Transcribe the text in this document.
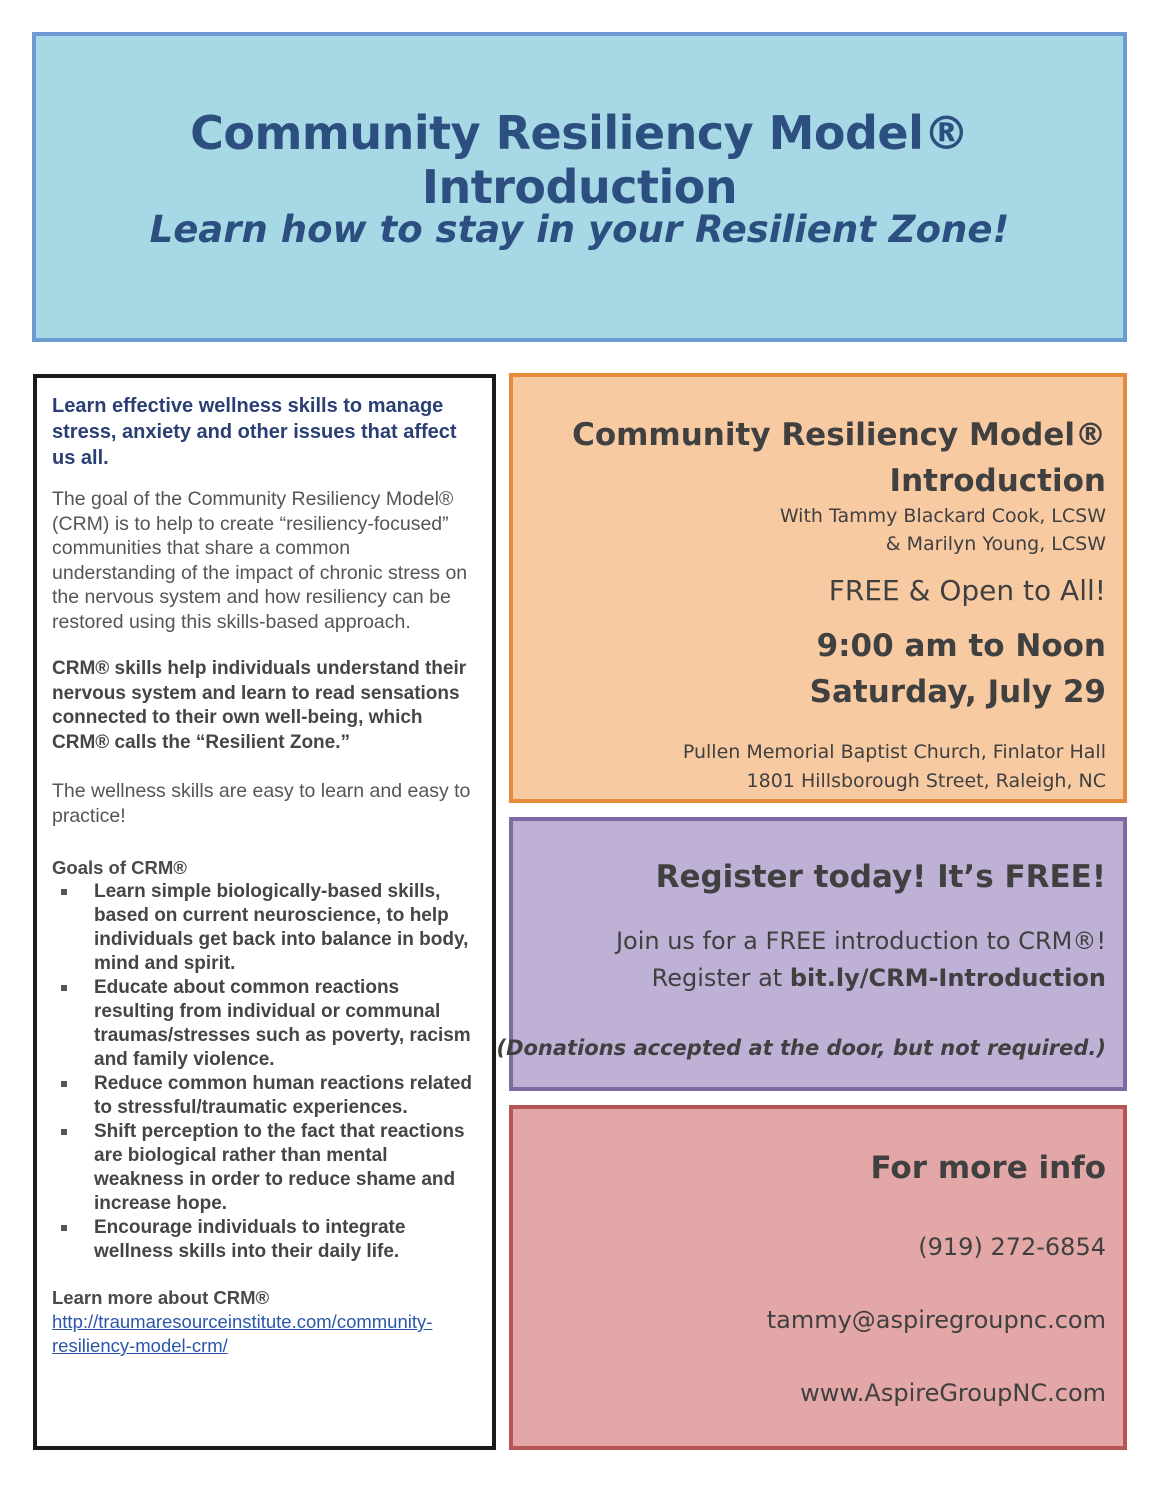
Community Resiliency Model® Introduction
Learn how to stay in your Resilient Zone!
Learn effective wellness skills to manage stress, anxiety and other issues that affect us all.
The goal of the Community Resiliency Model® (CRM) is to help to create “resiliency-focused” communities that share a common understanding of the impact of chronic stress on the nervous system and how resiliency can be restored using this skills-based approach.
CRM® skills help individuals understand their nervous system and learn to read sensations connected to their own well-being, which CRM® calls the “Resilient Zone.”
The wellness skills are easy to learn and easy to practice!
Goals of CRM®
Learn simple biologically-based skills, based on current neuroscience, to help individuals get back into balance in body, mind and spirit.
Educate about common reactions resulting from individual or communal traumas/stresses such as poverty, racism and family violence.
Reduce common human reactions related to stressful/traumatic experiences.
Shift perception to the fact that reactions are biological rather than mental weakness in order to reduce shame and increase hope.
Encourage individuals to integrate wellness skills into their daily life.
Learn more about CRM®
http://traumaresourceinstitute.com/community-resiliency-model-crm/
Community Resiliency Model®
Introduction
With Tammy Blackard Cook, LCSW
& Marilyn Young, LCSW
FREE & Open to All!
9:00 am to Noon
Saturday, July 29
Pullen Memorial Baptist Church, Finlator Hall
1801 Hillsborough Street, Raleigh, NC
Register today! It’s FREE!
Join us for a FREE introduction to CRM®!
Register at bit.ly/CRM-Introduction
(Donations accepted at the door, but not required.)
For more info
(919) 272-6854
tammy@aspiregroupnc.com
www.AspireGroupNC.com
